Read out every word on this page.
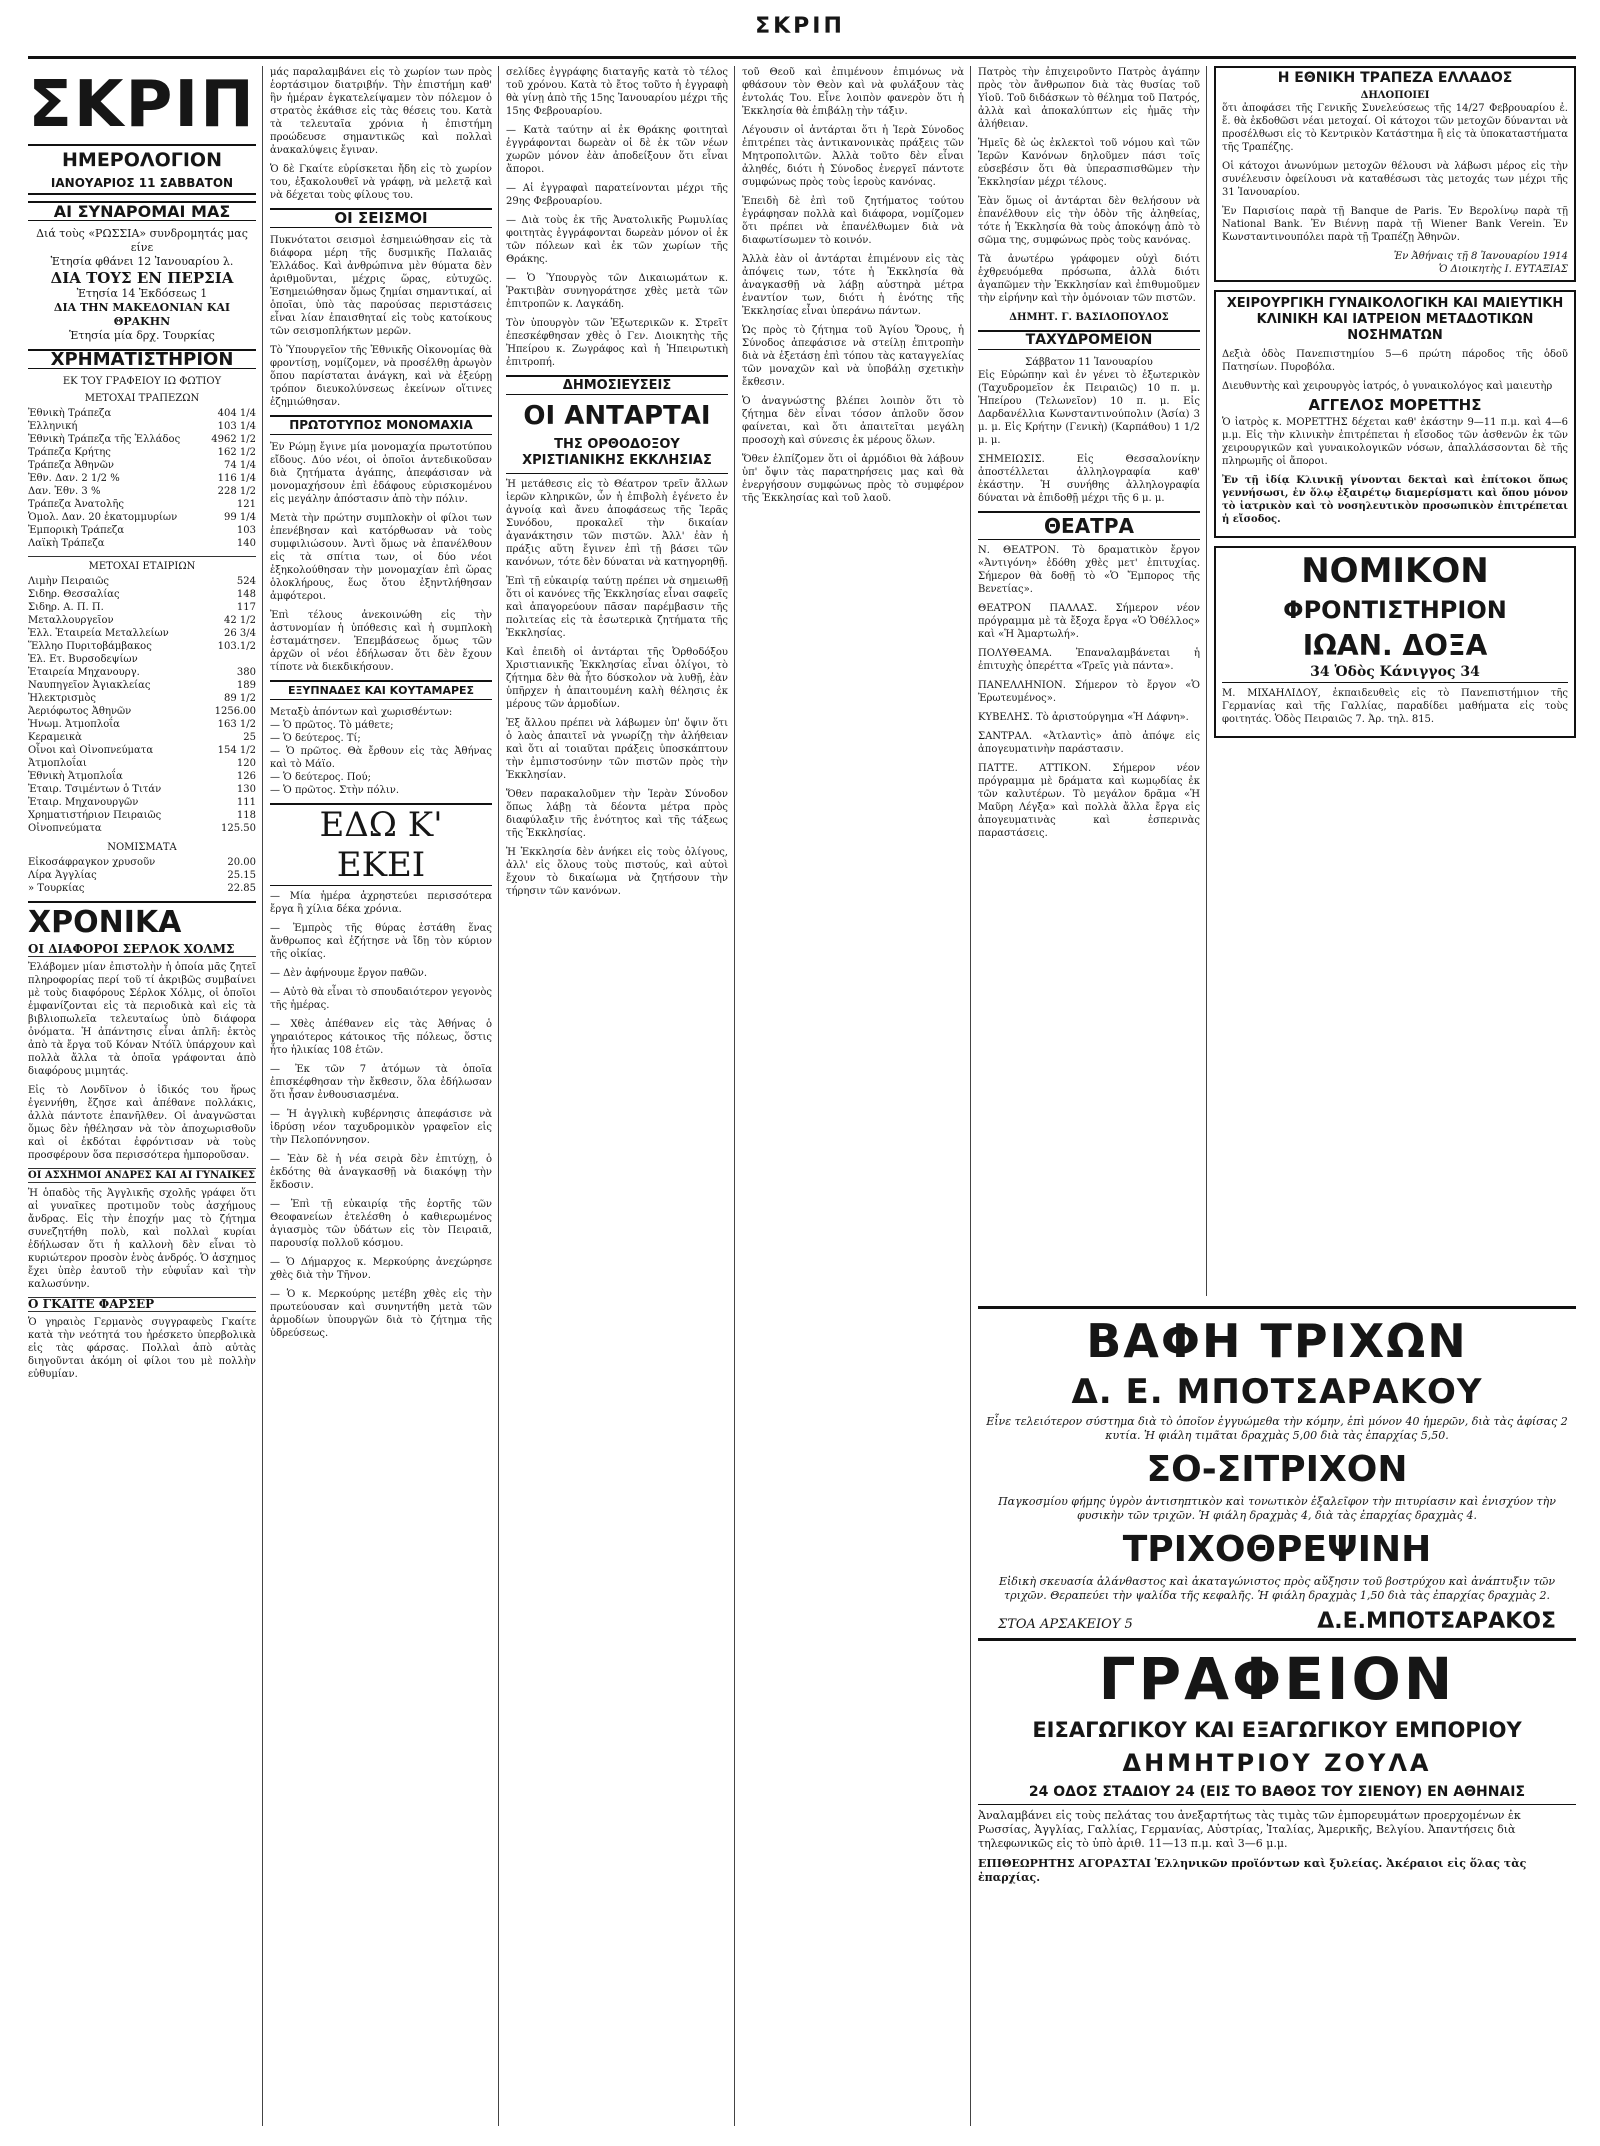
ΣΚΡΙΠ
ΣΚΡΙΠ
ΗΜΕΡΟΛΟΓΙΟΝ
ΙΑΝΟΥΑΡΙΟΣ 11 ΣΑΒΒΑΤΟΝ
ΑΙ ΣΥΝΑΡΟΜΑΙ ΜΑΣ
Διά τοὺς «ΡΩΣΣΙΑ» συνδρομητάς μας είνε
Ἑτησία φθάνει 12 Ἰανουαρίου λ.
ΔΙΑ ΤΟΥΣ ΕΝ ΠΕΡΣΙΑ
Ἑτησία 14 Ἐκδόσεως 1
ΔΙΑ ΤΗΝ ΜΑΚΕΔΟΝΙΑΝ ΚΑΙ ΘΡΑΚΗΝ
Ἑτησία μία δρχ. Τουρκίας
ΧΡΗΜΑΤΙΣΤΗΡΙΟΝ
ΕΚ ΤΟΥ ΓΡΑΦΕΙΟΥ ΙΩ ΦΩΤΙΟΥ
ΜΕΤΟΧΑΙ ΤΡΑΠΕΖΩΝ
Ἐθνικὴ Τράπεζα	404 1/4
Ἑλληνική	103 1/4
Ἐθνικὴ Τράπεζα τῆς Ἑλλάδος	4962 1/2
Τράπεζα Κρήτης	162 1/2
Τράπεζα Ἀθηνῶν	74 1/4
Ἐθν. Δαν. 2 1/2 %	116 1/4
Δαν. Ἐθν. 3 %	228 1/2
Τράπεζα Ἀνατολῆς	121
Ὁμολ. Δαν. 20 ἑκατομμυρίων	99 1/4
Ἐμπορικὴ Τράπεζα	103
Λαϊκὴ Τράπεζα	140
ΜΕΤΟΧΑΙ ΕΤΑΙΡΙΩΝ
Λιμὴν Πειραιῶς	524
Σιδηρ. Θεσσαλίας	148
Σιδηρ. Α. Π. Π.	117
Μεταλλουργεῖον	42 1/2
Ἑλλ. Ἑταιρεία Μεταλλείων	26 3/4
Ἕλληο Πυριτοβάμβακος	103.1/2
Ἑλ. Ετ. Βυρσοδεψίων	
Ἑταιρεία Μηχανουργ.	380
Ναυπηγεῖον Ἀγιακλείας	189
Ἠλεκτρισμὸς	89 1/2
Ἀεριόφωτος Ἀθηνῶν	1256.00
Ἡνωμ. Ἀτμοπλοΐα	163 1/2
Κεραμεικὰ	25
Οἶνοι καὶ Οἰνοπνεύματα	154 1/2
Ἀτμοπλοΐαι	120
Ἑθνικὴ Ἀτμοπλοΐα	126
Ἐταιρ. Τσιμέντων ὁ Τιτάν	130
Ἐταιρ. Μηχανουργῶν	111
Χρηματιστήριον Πειραιῶς	118
Οἰνοπνεύματα	125.50
ΝΟΜΙΣΜΑΤΑ
Εἰκοσάφραγκον χρυσοῦν	20.00
Λίρα Ἀγγλίας	25.15
» Τουρκίας	22.85
ΧΡΟΝΙΚΑ
ΟΙ ΔΙΑΦΟΡΟΙ ΣΕΡΛΟΚ ΧΟΛΜΣ

Ἐλάβομεν μίαν ἐπιστολὴν ἡ ὁποία μᾶς ζητεῖ πληροφορίας περί τοῦ τί ἀκριβῶς συμβαίνει μὲ τοὺς διαφόρους Σέρλοκ Χόλμς, οἱ ὁποῖοι ἐμφανίζονται εἰς τὰ περιοδικὰ καὶ εἰς τὰ βιβλιοπωλεῖα τελευταίως ὑπὸ διάφορα ὀνόματα. Ἡ ἀπάντησις εἶναι ἁπλῆ: ἐκτὸς ἀπὸ τὰ ἔργα τοῦ Κόναν Ντόϊλ ὑπάρχουν καὶ πολλὰ ἄλλα τὰ ὁποῖα γράφονται ἀπὸ διαφόρους μιμητάς.

Εἰς τὸ Λονδῖνον ὁ ἰδικός του ἥρως ἐγεννήθη, ἔζησε καὶ ἀπέθανε πολλάκις, ἀλλὰ πάντοτε ἐπανῆλθεν. Οἱ ἀναγνῶσται ὅμως δὲν ἠθέλησαν νὰ τὸν ἀποχωρισθοῦν καὶ οἱ ἐκδόται ἐφρόντισαν νὰ τοὺς προσφέρουν ὅσα περισσότερα ἠμποροῦσαν.

ΟΙ ΑΣΧΗΜΟΙ ΑΝΔΡΕΣ ΚΑΙ ΑΙ ΓΥΝΑΙΚΕΣ

Ἡ ὁπαδὸς τῆς Ἀγγλικῆς σχολῆς γράφει ὅτι αἱ γυναῖκες προτιμοῦν τοὺς ἀσχήμους ἄνδρας. Εἰς τὴν ἐποχήν μας τὸ ζήτημα συνεζητήθη πολὺ, καὶ πολλαὶ κυρίαι ἐδήλωσαν ὅτι ἡ καλλονὴ δὲν εἶναι τὸ κυριώτερον προσὸν ἑνὸς ἀνδρός. Ὁ ἀσχημος ἔχει ὑπὲρ ἑαυτοῦ τὴν εὐφυΐαν καὶ τὴν καλωσύνην.

Ο ΓΚΑΙΤΕ ΦΑΡΣΕΡ

Ὁ γηραιὸς Γερμανὸς συγγραφεὺς Γκαίτε κατὰ τὴν νεότητά του ἠρέσκετο ὑπερβολικὰ εἰς τὰς φάρσας. Πολλαὶ ἀπὸ αὐτὰς διηγοῦνται ἀκόμη οἱ φίλοι του μὲ πολλὴν εὐθυμίαν.

μάς παραλαμβάνει εἰς τὸ χωρίον των πρὸς ἑορτάσιμον διατριβήν. Τὴν ἐπιστήμη καθ' ἣν ἡμέραν ἐγκατελείψαμεν τὸν πόλεμον ὁ στρατὸς ἐκάθισε εἰς τὰς θέσεις του. Κατὰ τὰ τελευταῖα χρόνια ἡ ἐπιστήμη προώδευσε σημαντικῶς καὶ πολλαὶ ἀνακαλύψεις ἔγιναν.

Ὁ δὲ Γκαίτε εὑρίσκεται ἤδη εἰς τὸ χωρίον του, ἐξακολουθεῖ νὰ γράφῃ, νὰ μελετᾷ καὶ νὰ δέχεται τοὺς φίλους του.

ΟΙ ΣΕΙΣΜΟΙ

Πυκνότατοι σεισμοὶ ἐσημειώθησαν εἰς τὰ διάφορα μέρη τῆς δυσμικῆς Παλαιᾶς Ἑλλάδος. Καὶ ἀνθρώπινα μὲν θύματα δὲν ἀριθμοῦνται, μέχρις ὥρας, εὐτυχῶς. Ἐσημειώθησαν ὅμως ζημίαι σημαντικαί, αἱ ὁποῖαι, ὑπὸ τὰς παρούσας περιστάσεις εἶναι λίαν ἐπαισθηταί εἰς τοὺς κατοίκους τῶν σεισμοπλήκτων μερῶν.

Τὸ Ὑπουργεῖον τῆς Ἐθνικῆς Οἰκονομίας θὰ φροντίσῃ, νομίζομεν, νὰ προσέλθῃ ἀρωγὸν ὅπου παρίσταται ἀνάγκη, καὶ νὰ ἐξεύρῃ τρόπον διευκολύνσεως ἐκείνων οἵτινες ἐζημιώθησαν.

ΠΡΩΤΟΤΥΠΟΣ ΜΟΝΟΜΑΧΙΑ

Ἐν Ρώμῃ ἔγινε μία μονομαχία πρωτοτύπου εἴδους. Δύο νέοι, οἱ ὁποῖοι ἀντεδικοῦσαν διὰ ζητήματα ἀγάπης, ἀπεφάσισαν νὰ μονομαχήσουν ἐπὶ ἐδάφους εὐρισκομένου εἰς μεγάλην ἀπόστασιν ἀπὸ τὴν πόλιν.

Μετὰ τὴν πρώτην συμπλοκὴν οἱ φίλοι των ἐπενέβησαν καὶ κατόρθωσαν νὰ τοὺς συμφιλιώσουν. Ἀντὶ ὅμως νὰ ἐπανέλθουν εἰς τὰ σπίτια των, οἱ δύο νέοι ἐξηκολούθησαν τὴν μονομαχίαν ἐπὶ ὥρας ὁλοκλήρους, ἕως ὅτου ἐξηντλήθησαν ἀμφότεροι.

Ἐπὶ τέλους ἀνεκοινώθη εἰς τὴν ἀστυνομίαν ἡ ὑπόθεσις καὶ ἡ συμπλοκὴ ἐσταμάτησεν. Ἐπεμβάσεως ὅμως τῶν ἀρχῶν οἱ νέοι ἐδήλωσαν ὅτι δὲν ἔχουν τίποτε νὰ διεκδικήσουν.

ΕΞΥΠΝΑΔΕΣ ΚΑΙ ΚΟΥΤΑΜΑΡΕΣ
Μεταξὺ ἀπόντων καὶ χωρισθέντων:
— Ὁ πρῶτος. Τὸ μάθετε;
— Ὁ δεύτερος. Τί;
— Ὁ πρῶτος. Θὰ ἔρθουν εἰς τὰς Ἀθήνας καὶ τὸ Μάϊο.
— Ὁ δεύτερος. Πού;
— Ὁ πρῶτος. Στὴν πόλιν.
ΕΔΩ Κ' ΕΚΕΙ

— Μία ἡμέρα ἀχρηστεύει περισσότερα ἔργα ἢ χίλια δέκα χρόνια.

— Ἐμπρὸς τῆς θύρας ἐστάθη ἕνας ἄνθρωπος καὶ ἐζήτησε νὰ ἴδῃ τὸν κύριον τῆς οἰκίας.

— Δὲν ἀφήνουμε ἔργον παθῶν.

— Αὐτὸ θὰ εἶναι τὸ σπουδαιότερον γεγονὸς τῆς ἡμέρας.

— Χθὲς ἀπέθανεν εἰς τὰς Ἀθήνας ὁ γηραιότερος κάτοικος τῆς πόλεως, ὅστις ἦτο ἡλικίας 108 ἐτῶν.

— Ἐκ τῶν 7 ἀτόμων τὰ ὁποῖα ἐπισκέφθησαν τὴν ἔκθεσιν, ὅλα ἐδήλωσαν ὅτι ἦσαν ἐνθουσιασμένα.

— Ἡ ἀγγλικὴ κυβέρνησις ἀπεφάσισε νὰ ἱδρύσῃ νέον ταχυδρομικὸν γραφεῖον εἰς τὴν Πελοπόννησον.

— Ἐὰν δὲ ἡ νέα σειρὰ δὲν ἐπιτύχῃ, ὁ ἐκδότης θὰ ἀναγκασθῇ νὰ διακόψῃ τὴν ἔκδοσιν.

— Ἐπὶ τῇ εὐκαιρίᾳ τῆς ἑορτῆς τῶν Θεοφανείων ἐτελέσθη ὁ καθιερωμένος ἁγιασμὸς τῶν ὑδάτων εἰς τὸν Πειραιᾶ, παρουσίᾳ πολλοῦ κόσμου.

— Ὁ Δήμαρχος κ. Μερκούρης ἀνεχώρησε χθὲς διὰ τὴν Τῆνον.

— Ὁ κ. Μερκούρης μετέβη χθὲς εἰς τὴν πρωτεύουσαν καὶ συνηντήθη μετὰ τῶν ἁρμοδίων ὑπουργῶν διὰ τὸ ζήτημα τῆς ὑδρεύσεως.

σελίδες ἐγγράφης διαταγῆς κατὰ τὸ τέλος τοῦ χρόνου. Κατὰ τὸ ἔτος τοῦτο ἡ ἐγγραφὴ θὰ γίνῃ ἀπὸ τῆς 15ης Ἰανουαρίου μέχρι τῆς 15ης Φεβρουαρίου.

— Κατὰ ταύτην αἱ ἐκ Θράκης φοιτηταὶ ἐγγράφονται δωρεὰν οἱ δὲ ἐκ τῶν νέων χωρῶν μόνον ἐὰν ἀποδείξουν ὅτι εἶναι ἄποροι.

— Αἱ ἐγγραφαὶ παρατείνονται μέχρι τῆς 29ης Φεβρουαρίου.

— Διὰ τοὺς ἐκ τῆς Ἀνατολικῆς Ρωμυλίας φοιτητὰς ἐγγράφονται δωρεὰν μόνον οἱ ἐκ τῶν πόλεων καὶ ἐκ τῶν χωρίων τῆς Θράκης.

— Ὁ Ὑπουργὸς τῶν Δικαιωμάτων κ. Ῥακτιβὰν συνηγοράτησε χθὲς μετὰ τῶν ἐπιτροπῶν κ. Λαγκάδη.

Τὸν ὑπουργὸν τῶν Ἐξωτερικῶν κ. Στρεῖτ ἐπεσκέφθησαν χθὲς ὁ Γεν. Διοικητὴς τῆς Ἠπείρου κ. Ζωγράφος καὶ ἡ Ἠπειρωτικὴ ἐπιτροπή.

ΔΗΜΟΣΙΕΥΣΕΙΣ
ΟΙ ΑΝΤΑΡΤΑΙ
ΤΗΣ ΟΡΘΟΔΟΞΟΥ ΧΡΙΣΤΙΑΝΙΚΗΣ ΕΚΚΛΗΣΙΑΣ

Ἡ μετάθεσις εἰς τὸ Θέατρον τρεῖν ἄλλων ἱερῶν κληρικῶν, ὧν ἡ ἐπιβολὴ ἐγένετο ἐν ἀγνοίᾳ καὶ ἄνευ ἀποφάσεως τῆς Ἱερᾶς Συνόδου, προκαλεῖ τὴν δικαίαν ἀγανάκτησιν τῶν πιστῶν. Ἀλλ' ἐὰν ἡ πράξις αὕτη ἔγινεν ἐπὶ τῇ βάσει τῶν κανόνων, τότε δὲν δύναται νὰ κατηγορηθῇ.

Ἐπὶ τῇ εὐκαιρίᾳ ταύτῃ πρέπει νὰ σημειωθῇ ὅτι οἱ κανόνες τῆς Ἐκκλησίας εἶναι σαφεῖς καὶ ἀπαγορεύουν πᾶσαν παρέμβασιν τῆς πολιτείας εἰς τὰ ἐσωτερικὰ ζητήματα τῆς Ἐκκλησίας.

Καὶ ἐπειδὴ οἱ ἀντάρται τῆς Ὀρθοδόξου Χριστιανικῆς Ἐκκλησίας εἶναι ὀλίγοι, τὸ ζήτημα δὲν θὰ ἦτο δύσκολον νὰ λυθῇ, ἐὰν ὑπῆρχεν ἡ ἀπαιτουμένη καλὴ θέλησις ἐκ μέρους τῶν ἁρμοδίων.

Ἐξ ἄλλου πρέπει νὰ λάβωμεν ὑπ' ὄψιν ὅτι ὁ λαὸς ἀπαιτεῖ νὰ γνωρίζῃ τὴν ἀλήθειαν καὶ ὅτι αἱ τοιαῦται πράξεις ὑποσκάπτουν τὴν ἐμπιστοσύνην τῶν πιστῶν πρὸς τὴν Ἐκκλησίαν.

Ὅθεν παρακαλοῦμεν τὴν Ἱερὰν Σύνοδον ὅπως λάβῃ τὰ δέοντα μέτρα πρὸς διαφύλαξιν τῆς ἑνότητος καὶ τῆς τάξεως τῆς Ἐκκλησίας.

Ἡ Ἐκκλησία δὲν ἀνήκει εἰς τοὺς ὀλίγους, ἀλλ' εἰς ὅλους τοὺς πιστούς, καὶ αὐτοὶ ἔχουν τὸ δικαίωμα νὰ ζητήσουν τὴν τήρησιν τῶν κανόνων.

τοῦ Θεοῦ καὶ ἐπιμένουν ἐπιμόνως νὰ φθάσουν τὸν Θεὸν καὶ νὰ φυλάξουν τὰς ἐντολάς Του. Εἶνε λοιπὸν φανερὸν ὅτι ἡ Ἐκκλησία θὰ ἐπιβάλῃ τὴν τάξιν.

Λέγουσιν οἱ ἀντάρται ὅτι ἡ Ἱερὰ Σύνοδος ἐπιτρέπει τὰς ἀντικανονικὰς πράξεις τῶν Μητροπολιτῶν. Ἀλλὰ τοῦτο δὲν εἶναι ἀληθές, διότι ἡ Σύνοδος ἐνεργεῖ πάντοτε συμφώνως πρὸς τοὺς ἱεροὺς κανόνας.

Ἐπειδὴ δὲ ἐπὶ τοῦ ζητήματος τούτου ἐγράφησαν πολλὰ καὶ διάφορα, νομίζομεν ὅτι πρέπει νὰ ἐπανέλθωμεν διὰ νὰ διαφωτίσωμεν τὸ κοινόν.

Ἀλλὰ ἐὰν οἱ ἀντάρται ἐπιμένουν εἰς τὰς ἀπόψεις των, τότε ἡ Ἐκκλησία θὰ ἀναγκασθῇ νὰ λάβῃ αὐστηρὰ μέτρα ἐναντίον των, διότι ἡ ἑνότης τῆς Ἐκκλησίας εἶναι ὑπεράνω πάντων.

Ὡς πρὸς τὸ ζήτημα τοῦ Ἁγίου Ὄρους, ἡ Σύνοδος ἀπεφάσισε νὰ στείλῃ ἐπιτροπὴν διὰ νὰ ἐξετάσῃ ἐπὶ τόπου τὰς καταγγελίας τῶν μοναχῶν καὶ νὰ ὑποβάλῃ σχετικὴν ἔκθεσιν.

Ὁ ἀναγνώστης βλέπει λοιπὸν ὅτι τὸ ζήτημα δὲν εἶναι τόσον ἁπλοῦν ὅσον φαίνεται, καὶ ὅτι ἀπαιτεῖται μεγάλη προσοχὴ καὶ σύνεσις ἐκ μέρους ὅλων.

Ὅθεν ἐλπίζομεν ὅτι οἱ ἁρμόδιοι θὰ λάβουν ὑπ' ὄψιν τὰς παρατηρήσεις μας καὶ θὰ ἐνεργήσουν συμφώνως πρὸς τὸ συμφέρον τῆς Ἐκκλησίας καὶ τοῦ λαοῦ.

Πατρὸς τὴν ἐπιχειροῦντο Πατρὸς ἀγάπην πρὸς τὸν ἄνθρωπον διὰ τὰς θυσίας τοῦ Υἱοῦ. Τοῦ διδάσκων τὸ θέλημα τοῦ Πατρός, ἀλλὰ καὶ ἀποκαλύπτων εἰς ἡμᾶς τὴν ἀλήθειαν.

Ἡμεῖς δὲ ὡς ἐκλεκτοὶ τοῦ νόμου καὶ τῶν Ἱερῶν Κανόνων δηλοῦμεν πάσι τοῖς εὐσεβέσιν ὅτι θὰ ὑπερασπισθῶμεν τὴν Ἐκκλησίαν μέχρι τέλους.

Ἐὰν ὅμως οἱ ἀντάρται δὲν θελήσουν νὰ ἐπανέλθουν εἰς τὴν ὁδὸν τῆς ἀληθείας, τότε ἡ Ἐκκλησία θὰ τοὺς ἀποκόψῃ ἀπὸ τὸ σῶμα της, συμφώνως πρὸς τοὺς κανόνας.

Τὰ ἀνωτέρω γράφομεν οὐχὶ διότι ἐχθρευόμεθα πρόσωπα, ἀλλὰ διότι ἀγαπῶμεν τὴν Ἐκκλησίαν καὶ ἐπιθυμοῦμεν τὴν εἰρήνην καὶ τὴν ὁμόνοιαν τῶν πιστῶν.

ΔΗΜΗΤ. Γ. ΒΑΣΙΛΟΠΟΥΛΟΣ
ΤΑΧΥΔΡΟΜΕΙΟΝ
Σάββατον 11 Ἰανουαρίου

Εἰς Εὐρώπην καὶ ἐν γένει τὸ ἐξωτερικὸν (Ταχυδρομεῖον ἐκ Πειραιῶς) 10 π. μ. Ἠπείρου (Τελωνεῖον) 10 π. μ. Εἰς Δαρδανέλλια Κωνσταντινούπολιν (Ἀσία) 3 μ. μ. Εἰς Κρήτην (Γενικὴ) (Καρπάθου) 1 1/2 μ. μ.

ΣΗΜΕΙΩΣΙΣ. Εἰς Θεσσαλονίκην ἀποστέλλεται ἀλληλογραφία καθ' ἑκάστην. Ἡ συνήθης ἀλληλογραφία δύναται νὰ ἐπιδοθῇ μέχρι τῆς 6 μ. μ.

ΘΕΑΤΡΑ

Ν. ΘΕΑΤΡΟΝ. Τὸ δραματικὸν ἔργον «Ἀντιγόνη» ἐδόθη χθὲς μετ' ἐπιτυχίας. Σήμερον θὰ δοθῇ τὸ «Ὁ Ἔμπορος τῆς Βενετίας».

ΘΕΑΤΡΟΝ ΠΑΛΛΑΣ. Σήμερον νέον πρόγραμμα μὲ τὰ ἔξοχα ἔργα «Ὁ Ὀθέλλος» καὶ «Ἡ Ἁμαρτωλή».

ΠΟΛΥΘΕΑΜΑ. Ἐπαναλαμβάνεται ἡ ἐπιτυχὴς ὀπερέττα «Τρεῖς γιὰ πάντα».

ΠΑΝΕΛΛΗΝΙΟΝ. Σήμερον τὸ ἔργον «Ὁ Ἐρωτευμένος».

ΚΥΒΕΛΗΣ. Τὸ ἀριστούργημα «Ἡ Δάφνη».

ΣΑΝΤΡΑΛ. «Ἀτλαντὶς» ἀπὸ ἀπόψε εἰς ἀπογευματινὴν παράστασιν.

ΠΑΤΤΕ. ΑΤΤΙΚΟΝ. Σήμερον νέον πρόγραμμα μὲ δράματα καὶ κωμῳδίας ἐκ τῶν καλυτέρων. Τὸ μεγάλον δρᾶμα «Ἡ Μαῦρη Λέγξα» καὶ πολλὰ ἄλλα ἔργα εἰς ἀπογευματινὰς καὶ ἑσπερινὰς παραστάσεις.

Η ΕΘΝΙΚΗ ΤΡΑΠΕΖΑ ΕΛΛΑΔΟΣ
ΔΗΛΟΠΟΙΕΙ

ὅτι ἀποφάσει τῆς Γενικῆς Συνελεύσεως τῆς 14/27 Φεβρουαρίου ἐ. ἔ. θὰ ἐκδοθῶσι νέαι μετοχαί. Οἱ κάτοχοι τῶν μετοχῶν δύνανται νὰ προσέλθωσι εἰς τὸ Κεντρικὸν Κατάστημα ἢ εἰς τὰ ὑποκαταστήματα τῆς Τραπέζης.

Οἱ κάτοχοι ἀνωνύμων μετοχῶν θέλουσι νὰ λάβωσι μέρος εἰς τὴν συνέλευσιν ὀφείλουσι νὰ καταθέσωσι τὰς μετοχάς των μέχρι τῆς 31 Ἰανουαρίου.

Ἐν Παρισίοις παρὰ τῇ Banque de Paris. Ἐν Βερολίνῳ παρὰ τῇ National Bank. Ἐν Βιέννῃ παρὰ τῇ Wiener Bank Verein. Ἐν Κωνσταντινουπόλει παρὰ τῇ Τραπέζῃ Ἀθηνῶν.

Ἐν Ἀθήναις τῇ 8 Ἰανουαρίου 1914
Ὁ Διοικητὴς Ι. ΕΥΤΑΞΙΑΣ
ΧΕΙΡΟΥΡΓΙΚΗ ΓΥΝΑΙΚΟΛΟΓΙΚΗ ΚΑΙ ΜΑΙΕΥΤΙΚΗ ΚΛΙΝΙΚΗ ΚΑΙ ΙΑΤΡΕΙΟΝ ΜΕΤΑΔΟΤΙΚΩΝ ΝΟΣΗΜΑΤΩΝ

Δεξιὰ ὁδὸς Πανεπιστημίου 5—6 πρώτη πάροδος τῆς ὁδοῦ Πατησίων. Πυροβόλα.

Διευθυντὴς καὶ χειρουργὸς ἰατρός, ὁ γυναικολόγος καὶ μαιευτὴρ

ΑΓΓΕΛΟΣ ΜΟΡΕΤΤΗΣ

Ὁ ἰατρὸς κ. ΜΟΡΕΤΤΗΣ δέχεται καθ' ἑκάστην 9—11 π.μ. καὶ 4—6 μ.μ. Εἰς τὴν κλινικὴν ἐπιτρέπεται ἡ εἴσοδος τῶν ἀσθενῶν ἐκ τῶν χειρουργικῶν καὶ γυναικολογικῶν νόσων, ἀπαλλάσσονται δὲ τῆς πληρωμῆς οἱ ἄποροι.

Ἐν τῇ ἰδίᾳ Κλινικῇ γίνονται δεκταὶ καὶ ἐπίτοκοι ὅπως γεννήσωσι, ἐν ὅλῳ ἐξαιρέτῳ διαμερίσματι καὶ ὅπου μόνον τὸ ἰατρικὸν καὶ τὸ νοσηλευτικὸν προσωπικὸν ἐπιτρέπεται ἡ εἴσοδος.

ΝΟΜΙΚΟΝ
ΦΡΟΝΤΙΣΤΗΡΙΟΝ
ΙΩΑΝ. ΔΟΞΑ
34 Ὁδὸς Κάνιγγος 34

Μ. ΜΙΧΑΗΛΙΔΟΥ, ἐκπαιδευθεὶς εἰς τὸ Πανεπιστήμιον τῆς Γερμανίας καὶ τῆς Γαλλίας, παραδίδει μαθήματα εἰς τοὺς φοιτητάς. Ὁδὸς Πειραιῶς 7. Ἀρ. τηλ. 815.

ΒΑΦΗ ΤΡΙΧΩΝ
Δ. Ε. ΜΠΟΤΣΑΡΑΚΟΥ

Εἶνε τελειότερον σύστημα διὰ τὸ ὁποῖον ἐγγυώμεθα τὴν κόμην, ἐπὶ μόνον 40 ἡμερῶν, διὰ τὰς ἀφίσας 2 κυτία. Ἡ φιάλη τιμᾶται δραχμὰς 5,00 διὰ τὰς ἐπαρχίας 5,50.

ΣΟ-ΣΙΤΡΙΧΟΝ

Παγκοσμίου φήμης ὑγρὸν ἀντισηπτικὸν καὶ τονωτικὸν ἐξαλεῖφον τὴν πιτυρίασιν καὶ ἐνισχύον τὴν φυσικὴν τῶν τριχῶν. Ἡ φιάλη δραχμὰς 4, διὰ τὰς ἐπαρχίας δραχμὰς 4.

ΤΡΙΧΟΘΡΕΨΙΝΗ

Εἰδικὴ σκευασία ἀλάνθαστος καὶ ἀκαταγώνιστος πρὸς αὔξησιν τοῦ βοστρύχου καὶ ἀνάπτυξιν τῶν τριχῶν. Θεραπεύει τὴν ψαλίδα τῆς κεφαλῆς. Ἡ φιάλη δραχμὰς 1,50 διὰ τὰς ἐπαρχίας δραχμὰς 2.

ΣΤΟΑ ΑΡΣΑΚΕΙΟΥ 5	Δ.Ε.ΜΠΟΤΣΑΡΑΚΟΣ
ΓΡΑΦΕΙΟΝ
ΕΙΣΑΓΩΓΙΚΟΥ ΚΑΙ ΕΞΑΓΩΓΙΚΟΥ ΕΜΠΟΡΙΟΥ
ΔΗΜΗΤΡΙΟΥ ΖΟΥΛΑ
24 ΟΔΟΣ ΣΤΑΔΙΟΥ 24 (ΕΙΣ ΤΟ ΒΑΘΟΣ ΤΟΥ ΣΙΕΝΟΥ) ΕΝ ΑΘΗΝΑΙΣ

Ἀναλαμβάνει εἰς τοὺς πελάτας του ἀνεξαρτήτως τὰς τιμὰς τῶν ἐμπορευμάτων προερχομένων ἐκ Ρωσσίας, Ἀγγλίας, Γαλλίας, Γερμανίας, Αὐστρίας, Ἰταλίας, Ἀμερικῆς, Βελγίου. Ἀπαντήσεις διὰ τηλεφωνικῶς εἰς τὸ ὑπὸ ἀριθ. 11—13 π.μ. καὶ 3—6 μ.μ.

ΕΠΙΘΕΩΡΗΤΗΣ ΑΓΟΡΑΣΤΑΙ Ἑλληνικῶν προϊόντων καὶ ξυλείας. Ἀκέραιοι εἰς ὅλας τὰς ἐπαρχίας.
